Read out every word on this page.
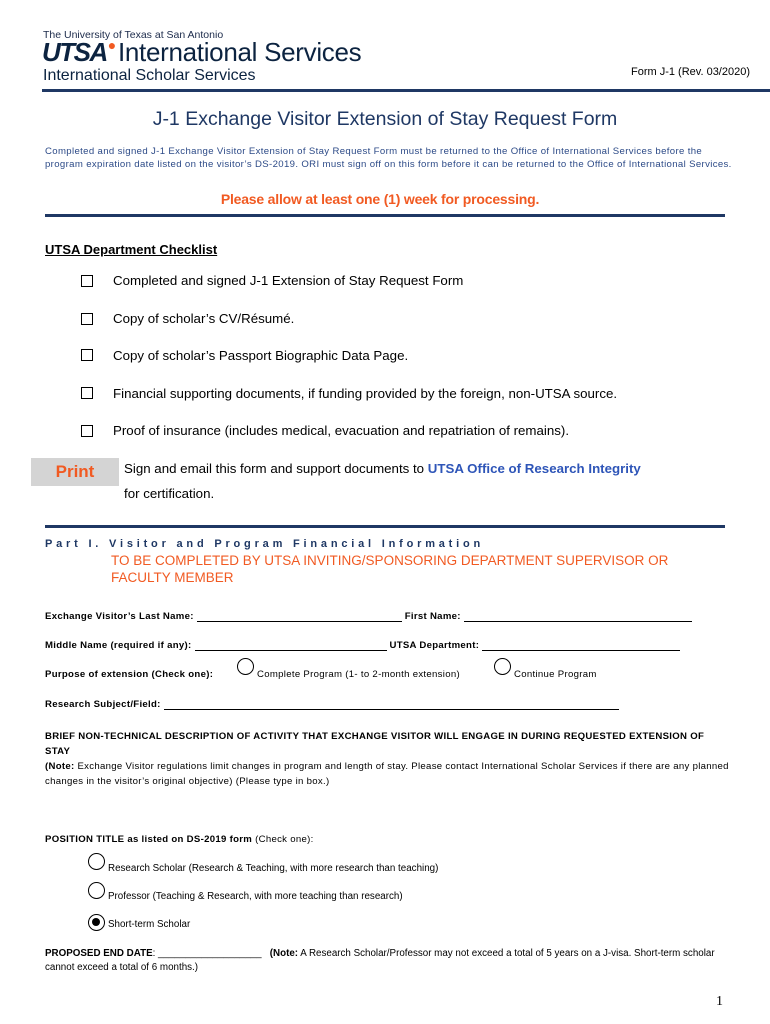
The University of Texas at San Antonio
UTSA●International Services
International Scholar Services	Form J-1 (Rev. 03/2020)
J-1 Exchange Visitor Extension of Stay Request Form
Completed and signed J-1 Exchange Visitor Extension of Stay Request Form must be returned to the Office of International Services before the program expiration date listed on the visitor’s DS-2019. ORI must sign off on this form before it can be returned to the Office of International Services.
Please allow at least one (1) week for processing.
UTSA Department Checklist
Completed and signed J-1 Extension of Stay Request Form
Copy of scholar’s CV/Résumé.
Copy of scholar’s Passport Biographic Data Page.
Financial supporting documents, if funding provided by the foreign, non-UTSA source.
Proof of insurance (includes medical, evacuation and repatriation of remains).
Print	Sign and email this form and support documents to UTSA Office of Research Integrity
for certification.
Part I. Visitor and Program Financial Information
TO BE COMPLETED BY UTSA INVITING/SPONSORING DEPARTMENT SUPERVISOR OR FACULTY MEMBER
Exchange Visitor’s Last Name:	First Name:
Middle Name (required if any):	UTSA Department:
Purpose of extension (Check one):	Complete Program (1- to 2-month extension)	Continue Program
Research Subject/Field:
BRIEF NON-TECHNICAL DESCRIPTION OF ACTIVITY THAT EXCHANGE VISITOR WILL ENGAGE IN DURING REQUESTED EXTENSION OF STAY
(Note: Exchange Visitor regulations limit changes in program and length of stay. Please contact International Scholar Services if there are any planned changes in the visitor’s original objective) (Please type in box.)
POSITION TITLE as listed on DS-2019 form (Check one):
Research Scholar (Research & Teaching, with more research than teaching)
Professor (Teaching & Research, with more teaching than research)
Short-term Scholar
PROPOSED END DATE: ___________________ (Note: A Research Scholar/Professor may not exceed a total of 5 years on a J-visa. Short-term scholar cannot exceed a total of 6 months.)
1
